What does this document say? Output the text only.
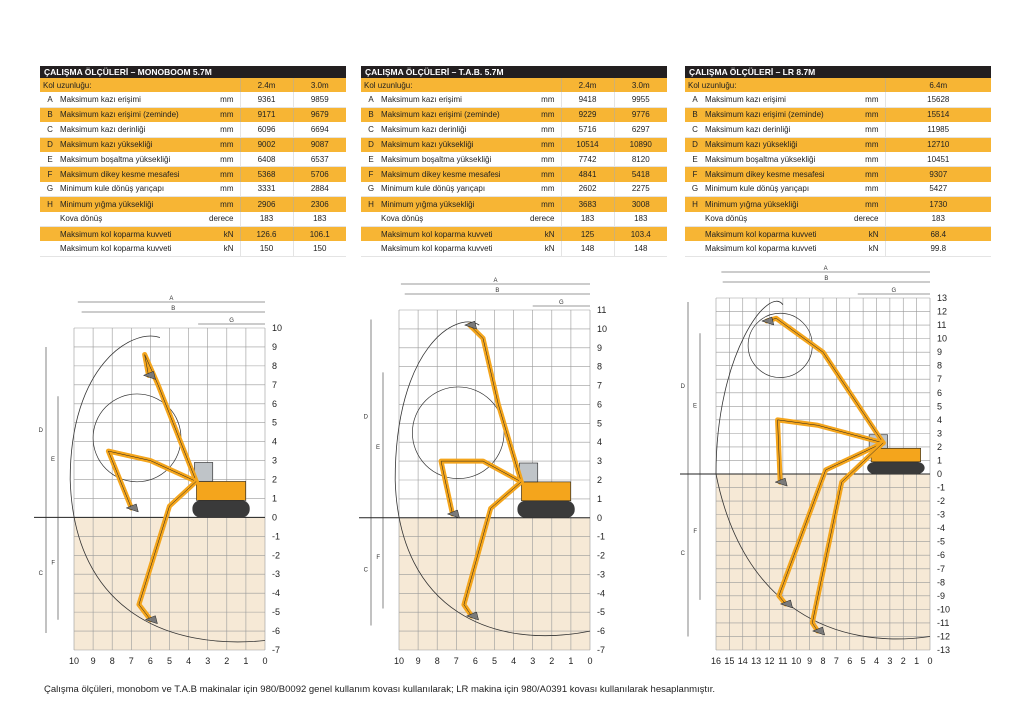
ÇALIŞMA ÖLÇÜLERİ – MONOBOOM 5.7M
Kol uzunluğu:			2.4m	3.0m
A	Maksimum kazı erişimi	mm	9361	9859
B	Maksimum kazı erişimi (zeminde)	mm	9171	9679
C	Maksimum kazı derinliği	mm	6096	6694
D	Maksimum kazı yüksekliği	mm	9002	9087
E	Maksimum boşaltma yüksekliği	mm	6408	6537
F	Maksimum dikey kesme mesafesi	mm	5368	5706
G	Minimum kule dönüş yarıçapı	mm	3331	2884
H	Minimum yığma yüksekliği	mm	2906	2306
	Kova dönüş	derece	183	183
	Maksimum kol koparma kuvveti	kN	126.6	106.1
	Maksimum kol koparma kuvveti	kN	150	150
ÇALIŞMA ÖLÇÜLERİ – T.A.B. 5.7M
Kol uzunluğu:			2.4m	3.0m
A	Maksimum kazı erişimi	mm	9418	9955
B	Maksimum kazı erişimi (zeminde)	mm	9229	9776
C	Maksimum kazı derinliği	mm	5716	6297
D	Maksimum kazı yüksekliği	mm	10514	10890
E	Maksimum boşaltma yüksekliği	mm	7742	8120
F	Maksimum dikey kesme mesafesi	mm	4841	5418
G	Minimum kule dönüş yarıçapı	mm	2602	2275
H	Minimum yığma yüksekliği	mm	3683	3008
	Kova dönüş	derece	183	183
	Maksimum kol koparma kuvveti	kN	125	103.4
	Maksimum kol koparma kuvveti	kN	148	148
ÇALIŞMA ÖLÇÜLERİ – LR 8.7M
Kol uzunluğu:			6.4m
A	Maksimum kazı erişimi	mm	15628
B	Maksimum kazı erişimi (zeminde)	mm	15514
C	Maksimum kazı derinliği	mm	11985
D	Maksimum kazı yüksekliği	mm	12710
E	Maksimum boşaltma yüksekliği	mm	10451
F	Maksimum dikey kesme mesafesi	mm	9307
G	Minimum kule dönüş yarıçapı	mm	5427
H	Minimum yığma yüksekliği	mm	1730
	Kova dönüş	derece	183
	Maksimum kol koparma kuvveti	kN	68.4
	Maksimum kol koparma kuvveti	kN	99.8
10 9 8 7 6 5 4 3 2 1 0
10
9
8
7
6
5
4
3
2
1
0
-1
-2
-3
-4
-5
-6
-7
A
B
G
D
E
C
F
10 9 8 7 6 5 4 3 2 1 0
11
10
9
8
7
6
5
4
3
2
1
0
-1
-2
-3
-4
-5
-6
-7
A
B
G
D
E
C
F
16 15 14 13 12 11 10 9 8 7 6 5 4 3 2 1 0
13
12
11
10
9
8
7
6
5
4
3
2
1
0
-1
-2
-3
-4
-5
-6
-7
-8
-9
-10
-11
-12
-13
A
B
G
D
E
C
F
Çalışma ölçüleri, monobom ve T.A.B makinalar için 980/B0092 genel kullanım kovası kullanılarak; LR makina için 980/A0391 kovası kullanılarak hesaplanmıştır.
